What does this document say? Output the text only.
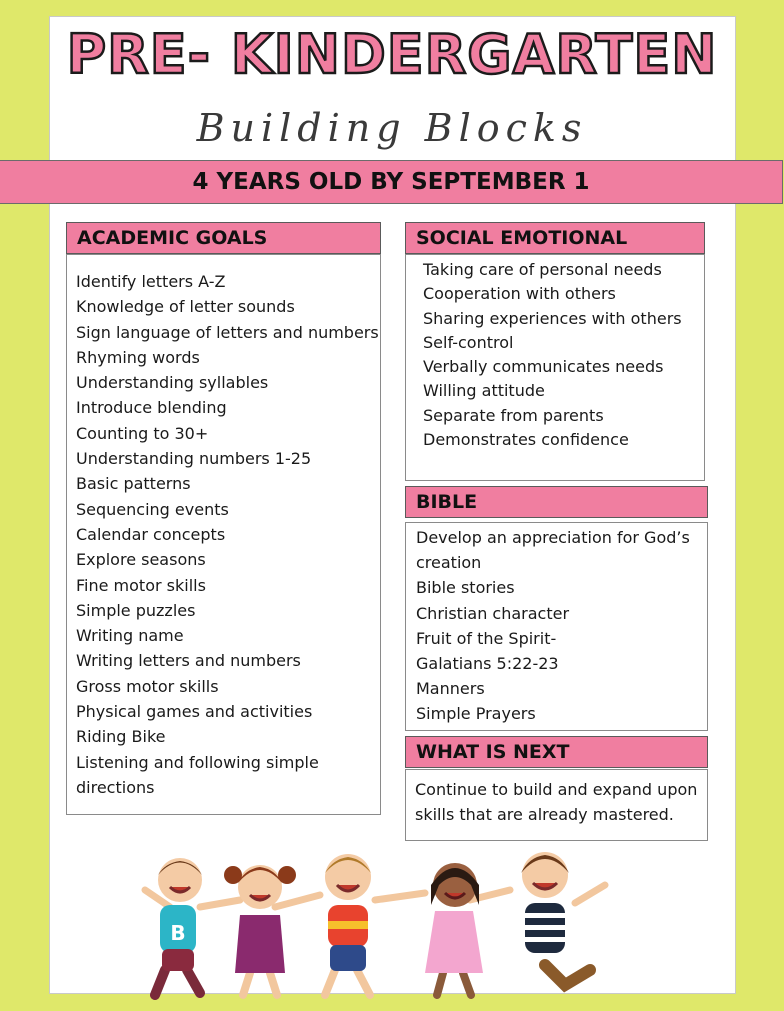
PRE- KINDERGARTEN
Building Blocks
4 YEARS OLD BY SEPTEMBER 1
ACADEMIC GOALS
Identify letters A-Z
Knowledge of letter sounds
Sign language of letters and numbers
Rhyming words
Understanding syllables
Introduce blending
Counting to 30+
Understanding numbers 1-25
Basic patterns
Sequencing events
Calendar concepts
Explore seasons
Fine motor skills
Simple puzzles
Writing name
Writing letters and numbers
Gross motor skills
Physical games and activities
Riding Bike
Listening and following simple
directions
SOCIAL EMOTIONAL
Taking care of personal needs
Cooperation with others
Sharing experiences with others
Self-control
Verbally communicates needs
Willing attitude
Separate from parents
Demonstrates confidence
BIBLE
Develop an appreciation for God’s
creation
Bible stories
Christian character
Fruit of the Spirit-
Galatians 5:22-23
Manners
Simple Prayers
WHAT IS NEXT
Continue to build and expand upon
skills that are already mastered.
B
